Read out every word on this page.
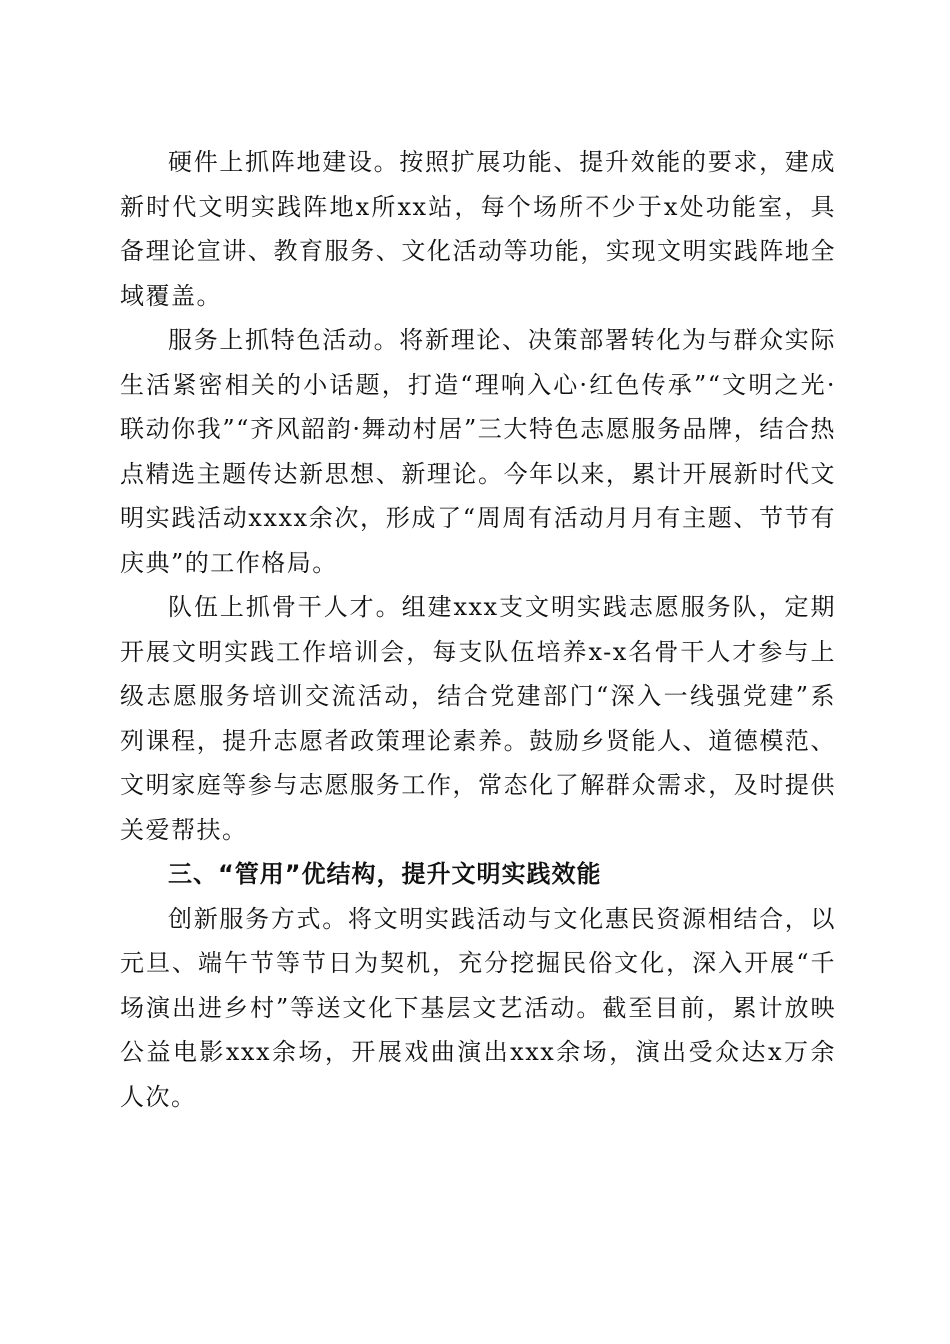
硬件上抓阵地建设。按照扩展功能、提升效能的要求，建成新时代文明实践阵地x所xx站，每个场所不少于x处功能室，具备理论宣讲、教育服务、文化活动等功能，实现文明实践阵地全域覆盖。

服务上抓特色活动。将新理论、决策部署转化为与群众实际生活紧密相关的小话题，打造“理响入心·红色传承”“文明之光·联动你我”“齐风韶韵·舞动村居”三大特色志愿服务品牌，结合热点精选主题传达新思想、新理论。今年以来，累计开展新时代文明实践活动xxxx余次，形成了“周周有活动月月有主题、节节有庆典”的工作格局。

队伍上抓骨干人才。组建xxx支文明实践志愿服务队，定期开展文明实践工作培训会，每支队伍培养x-x名骨干人才参与上级志愿服务培训交流活动，结合党建部门“深入一线强党建”系列课程，提升志愿者政策理论素养。鼓励乡贤能人、道德模范、文明家庭等参与志愿服务工作，常态化了解群众需求，及时提供关爱帮扶。

三、“管用”优结构，提升文明实践效能

创新服务方式。将文明实践活动与文化惠民资源相结合，以元旦、端午节等节日为契机，充分挖掘民俗文化，深入开展“千场演出进乡村”等送文化下基层文艺活动。截至目前，累计放映公益电影xxx余场，开展戏曲演出xxx余场，演出受众达x万余人次。
